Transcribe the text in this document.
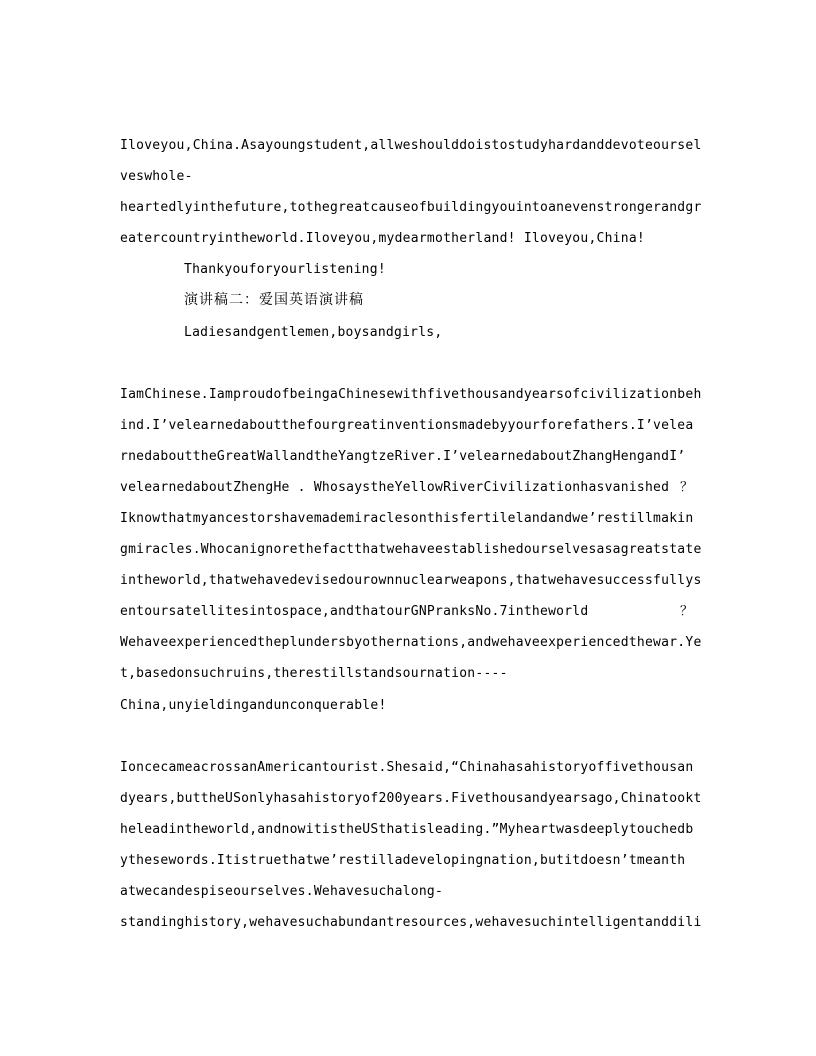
Iloveyou,China.Asayoungstudent,allweshoulddoistostudyhardanddevoteoursel
veswhole-
heartedlyinthefuture,tothegreatcauseofbuildingyouintoanevenstrongerandgr
eatercountryintheworld.Iloveyou,mydearmotherland! Iloveyou,China!
Thankyouforyourlistening!
演讲稿二：爱国英语演讲稿
Ladiesandgentlemen,boysandgirls,
IamChinese.IamproudofbeingaChinesewithfivethousandyearsofcivilizationbeh
ind.I’velearnedaboutthefourgreatinventionsmadebyyourforefathers.I’velea
rnedabouttheGreatWallandtheYangtzeRiver.I’velearnedaboutZhangHengandI’
velearnedaboutZhengHe . WhosaystheYellowRiverCivilizationhasvanished ？
Iknowthatmyancestorshavemademiraclesonthisfertilelandandwe’restillmakin
gmiracles.Whocanignorethefactthatwehaveestablishedourselvesasagreatstate
intheworld,thatwehavedevisedourownnuclearweapons,thatwehavesuccessfullys
entoursatellitesintospace,andthatourGNPranksNo.7intheworld	？
Wehaveexperiencedtheplundersbyothernations,andwehaveexperiencedthewar.Ye
t,basedonsuchruins,therestillstandsournation----
China,unyieldingandunconquerable!
IoncecameacrossanAmericantourist.Shesaid,“Chinahasahistoryoffivethousan
dyears,buttheUSonlyhasahistoryof200years.Fivethousandyearsago,Chinatookt
heleadintheworld,andnowitistheUSthatisleading.”Myheartwasdeeplytouchedb
ythesewords.Itistruethatwe’restilladevelopingnation,butitdoesn’tmeanth
atwecandespiseourselves.Wehavesuchalong-
standinghistory,wehavesuchabundantresources,wehavesuchintelligentanddili
